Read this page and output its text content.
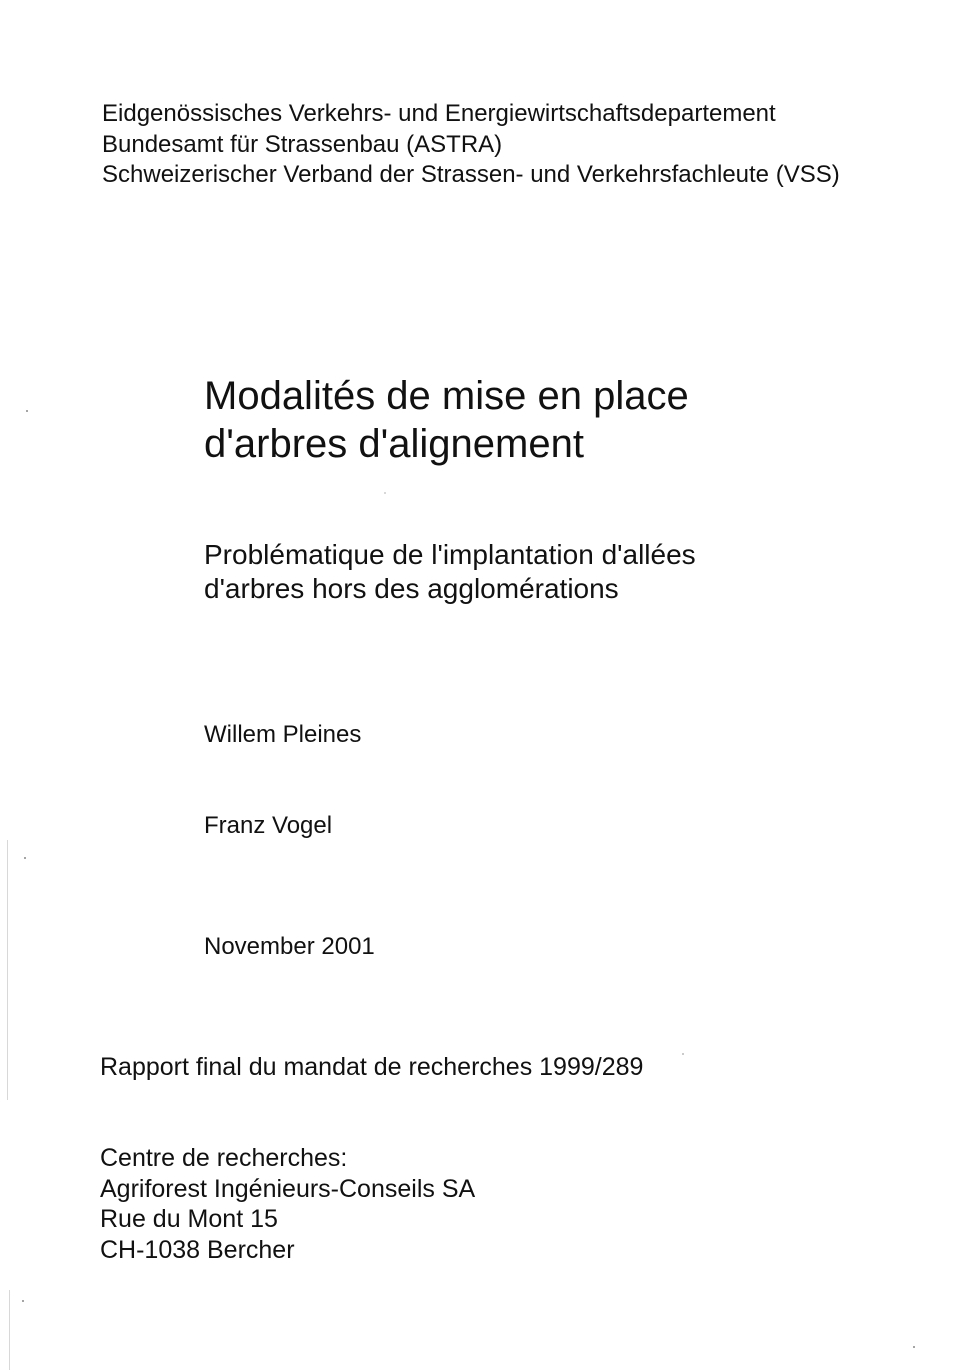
Eidgenössisches Verkehrs- und Energiewirtschaftsdepartement
Bundesamt für Strassenbau (ASTRA)
Schweizerischer Verband der Strassen- und Verkehrsfachleute (VSS)
Modalités de mise en place
d'arbres d'alignement
Problématique de l'implantation d'allées
d'arbres hors des agglomérations
Willem Pleines
Franz Vogel
November 2001
Rapport final du mandat de recherches 1999/289
Centre de recherches:
Agriforest Ingénieurs-Conseils SA
Rue du Mont 15
CH-1038 Bercher
